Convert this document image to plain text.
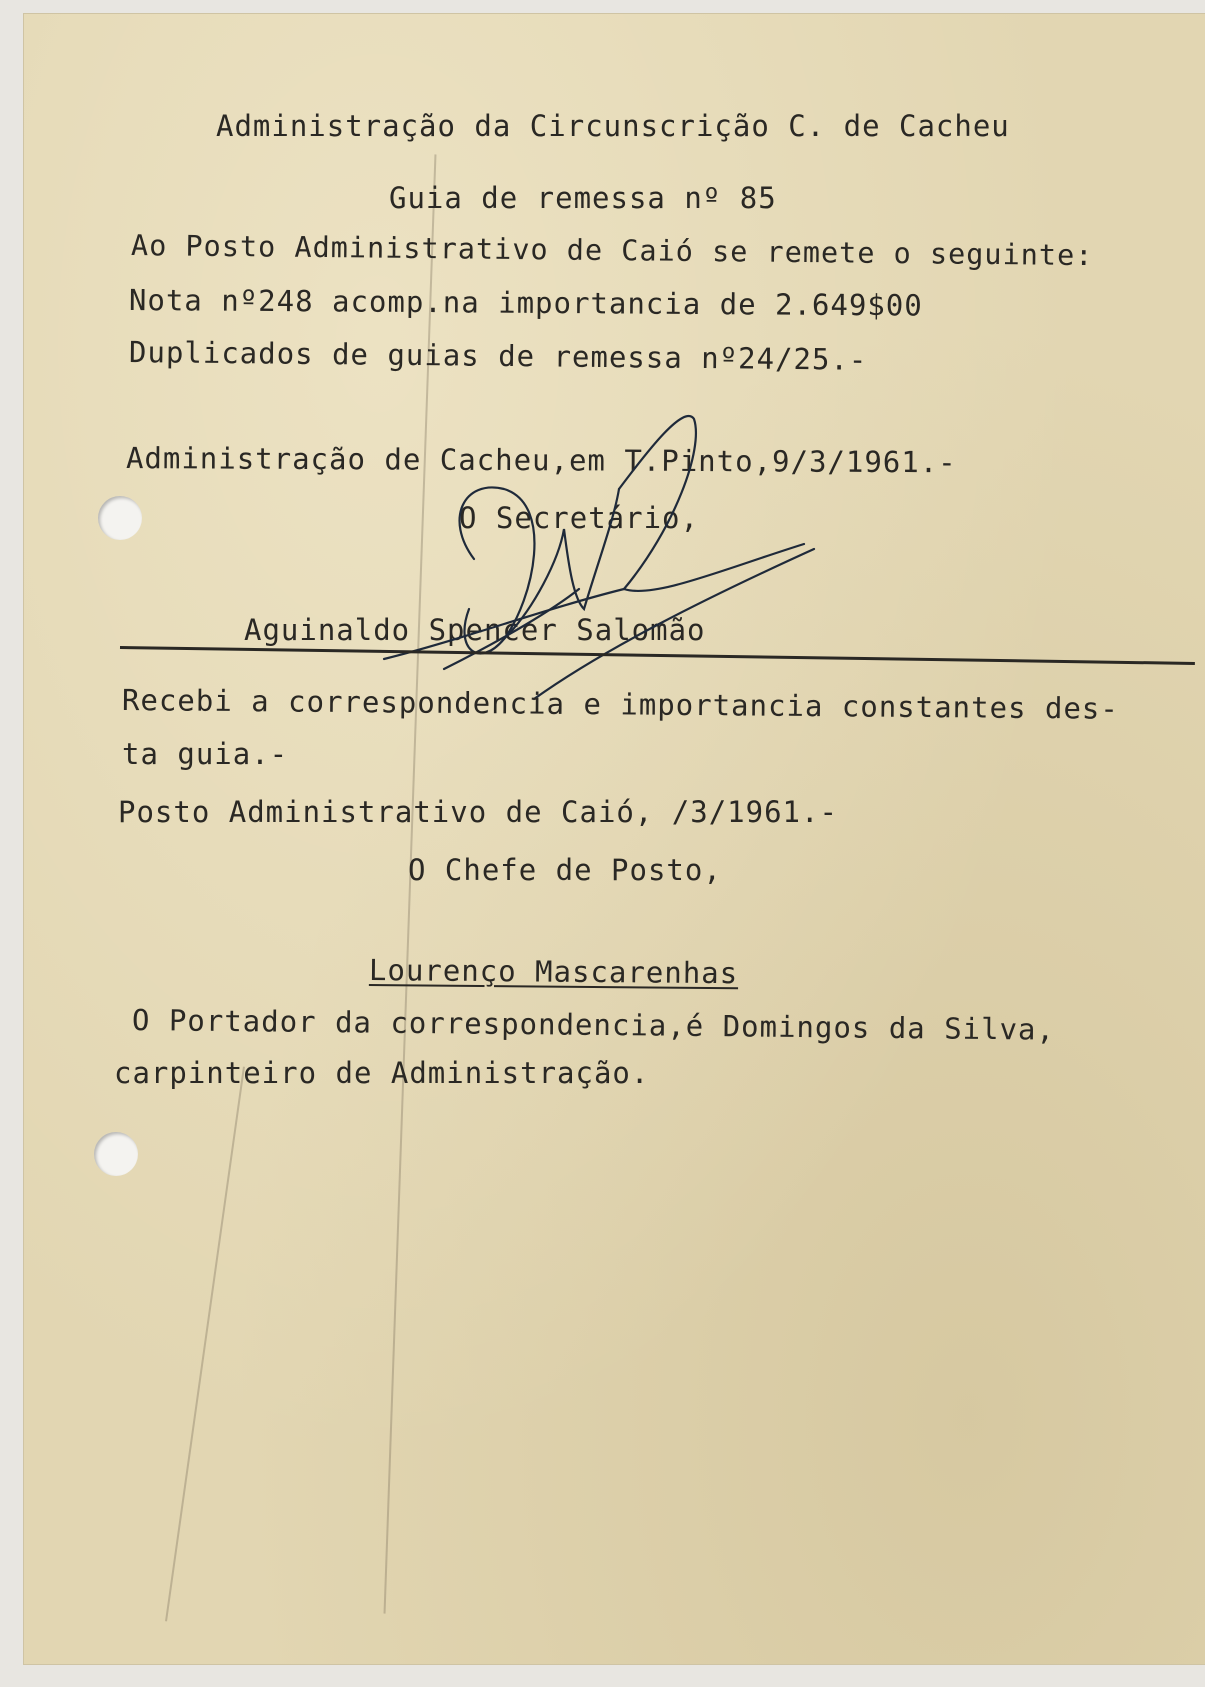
Administração da Circunscrição C. de Cacheu
Guia de remessa nº 85
Ao Posto Administrativo de Caió se remete o seguinte:
Nota nº248 acomp.na importancia de 2.649$00
Duplicados de guias de remessa nº24/25.-
Administração de Cacheu,em T.Pinto,9/3/1961.-
O Secretário,
Aguinaldo Spencer Salomão
Recebi a correspondencia e importancia constantes des-
ta guia.-
Posto Administrativo de Caió, /3/1961.-
O Chefe de Posto,
Lourenço Mascarenhas
O Portador da correspondencia,é Domingos da Silva,
carpinteiro de Administração.
